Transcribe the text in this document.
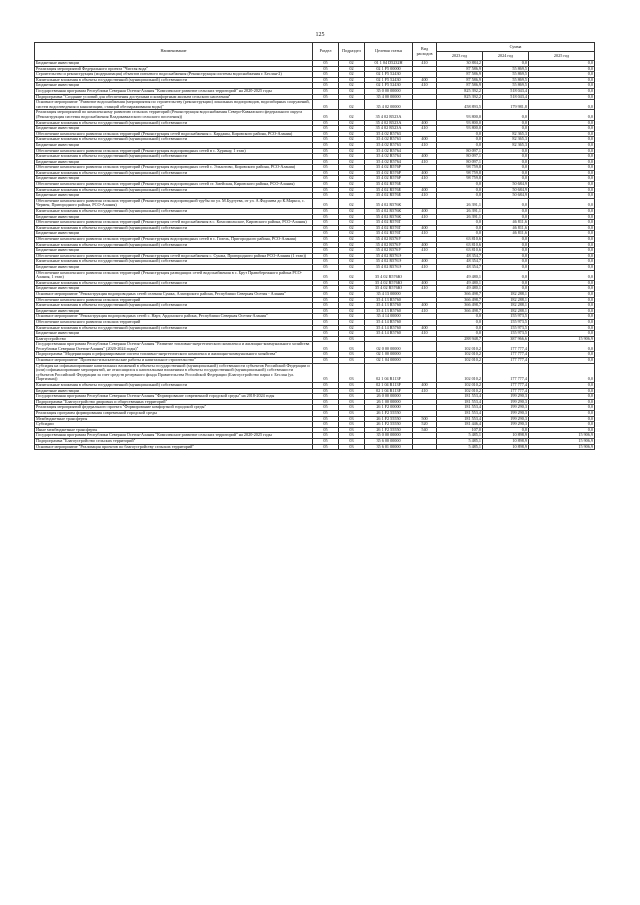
125
Наименование	Раздел	Подраздел	Целевая статья	Вид расходов	Сумма		
					2023 год	2024 год	2025 год
Бюджетные инвестиции	05	02	01 1 04 D5232Н	410	30 884,2	0,0	0,0
Реализация мероприятий Федерального проекта "Чистая вода"	05	02	02 1 F5 00000		87 586,9	55 869,5	0,0
Строительство и реконструкция (модернизация) объектов питьевого водоснабжения (Реконструкция системы водоснабжения г. Беслан-2)	05	02	02 1 F5 52430		87 586,9	55 869,5	0,0
Капитальные вложения в объекты государственной (муниципальной) собственности	05	02	02 1 F5 52430	400	87 586,9	55 869,5	0,0
Бюджетные инвестиции	05	02	02 1 F5 52430	410	87 586,9	55 869,5	0,0
Государственная программа Республики Северная Осетия-Алания "Комплексное развитие сельских территорий" на 2020-2025 годы	05	02	35 0 00 00000		825 392,2	518 043,4	0,0
Подпрограмма "Создание условий для обеспечения доступным и комфортным жильем сельского населения"	05	02	35 4 00 00000		825 392,2	518 043,4	0,0
Основное мероприятие "Развитие водоснабжения (мероприятия по строительству (реконструкции) локальных водопроводов, водозаборных сооружений, систем водоотведения и канализации, станций обеззараживания воды)"	05	02	35 4 02 00000		458 893,5	179 981,8	0,0
Реализация мероприятий по комплексному развитию сельских территорий (Реконструкция водоснабжения Северо-Кавказского федерального округа (Реконструкция системы водоснабжения Владикавказского сельского поселения))	05	02	35 4 02 R523А		93 800,0	0,0	0,0
Капитальные вложения в объекты государственной (муниципальной) собственности	05	02	35 4 02 R523А	400	93 800,0	0,0	0,0
Бюджетные инвестиции	05	02	35 4 02 R523А	410	93 800,0	0,0	0,0
Обеспечение комплексного развития сельских территорий (Реконструкция сетей водоснабжения с. Карджин, Кировского района, РСО-Алания)	05	02	35 4 02 R5763		0,0	82 365,3	0,0
Капитальные вложения в объекты государственной (муниципальной) собственности	05	02	35 4 02 R5763	400	0,0	82 365,3	0,0
Бюджетные инвестиции	05	02	35 4 02 R5763	410	0,0	82 365,3	0,0
Обеспечение комплексного развития сельских территорий (Реконструкция водопроводных сетей в с. Хурикау, 1 этап)	05	02	35 4 02 R5764		80 097,1	0,0	0,0
Капитальные вложения в объекты государственной (муниципальной) собственности	05	02	35 4 02 R5764	400	80 097,1	0,0	0,0
Бюджетные инвестиции	05	02	35 4 02 R5764	410	80 097,1	0,0	0,0
Обеспечение комплексного развития сельских территорий (Реконструкция водопроводных сетей с. Эльхотово, Кировского района, РСО-Алания)	05	02	35 4 02 R576Р		98 759,8	0,0	0,0
Капитальные вложения в объекты государственной (муниципальной) собственности	05	02	35 4 02 R576Р	400	98 759,8	0,0	0,0
Бюджетные инвестиции	05	02	35 4 02 R576Р	410	98 759,8	0,0	0,0
Обеспечение комплексного развития сельских территорий (Реконструкция водопроводных сетей ст. Змейская, Кировского района, РСО-Алания)	05	02	35 4 02 R576Е		0,0	50 684,9	0,0
Капитальные вложения в объекты государственной (муниципальной) собственности	05	02	35 4 02 R576Е	400	0,0	50 684,9	0,0
Бюджетные инвестиции	05	02	35 4 02 R576Е	410	0,0	50 684,9	0,0
Обеспечение комплексного развития сельских территорий (Реконструкция водопроводной трубы по ул. М.Будтуева, от ул. А.Фадзаева до К.Маркса, с. Чермен, Пригородного района, РСО-Алания)	05	02	35 4 02 R576К		26 391,1	0,0	0,0
Капитальные вложения в объекты государственной (муниципальной) собственности	05	02	35 4 02 R576К	400	26 391,1	0,0	0,0
Бюджетные инвестиции	05	02	35 4 02 R576К	410	26 391,1	0,0	0,0
Обеспечение комплексного развития сельских территорий (Реконструкция сетей водоснабжения в с. Комсомольское, Кировского района, РСО-Алания)	05	02	35 4 02 R576Т		0,0	46 811,6	0,0
Капитальные вложения в объекты государственной (муниципальной) собственности	05	02	35 4 02 R576Т	400	0,0	46 811,6	0,0
Бюджетные инвестиции	05	02	35 4 02 R576Т	410	0,0	46 811,6	0,0
Обеспечение комплексного развития сельских территорий (Реконструкция водопроводных сетей в с. Гизель, Пригородного района, РСО-Алания)	05	02	35 4 02 R576У		63 810,6	0,0	0,0
Капитальные вложения в объекты государственной (муниципальной) собственности	05	02	35 4 02 R576У	400	63 810,6	0,0	0,0
Бюджетные инвестиции	05	02	35 4 02 R576У	410	63 810,6	0,0	0,0
Обеспечение комплексного развития сельских территорий (Реконструкция сетей водоснабжения с. Сунжа, Пригородного района РСО-Алания (1 этап))	05	02	35 4 02 R576Э		48 354,7	0,0	0,0
Капитальные вложения в объекты государственной (муниципальной) собственности	05	02	35 4 02 R576Э	400	48 354,7	0,0	0,0
Бюджетные инвестиции	05	02	35 4 02 R576Э	410	48 354,7	0,0	0,0
Обеспечение комплексного развития сельских территорий (Реконструкция разводящих сетей водоснабжения в с. Брут Правобережного района РСО-Алания, 1 этап)	05	02	35 4 02 R576Ю		49 480,1	0,0	0,0
Капитальные вложения в объекты государственной (муниципальной) собственности	05	02	35 4 02 R576Ю	400	49 480,1	0,0	0,0
Бюджетные инвестиции	05	02	35 4 02 R576Ю	410	49 480,1	0,0	0,0
Основное мероприятие "Реконструкция водопроводных сетей селения Сунжа, Алагирского района, Республики Северная Осетия - Алания"	05	02	35 4 13 00000		366 498,7	182 288,1	0,0
Обеспечение комплексного развития сельских территорий	05	02	35 4 13 R5760		366 498,7	182 288,1	0,0
Капитальные вложения в объекты государственной (муниципальной) собственности	05	02	35 4 13 R5760	400	366 498,7	182 288,1	0,0
Бюджетные инвестиции	05	02	35 4 13 R5760	410	366 498,7	182 288,1	0,0
Основное мероприятие "Реконструкция водопроводных сетей с. Нарт, Ардонского района, Республики Северная Осетия-Алания"	05	02	35 4 14 00000		0,0	155 973,5	0,0
Обеспечение комплексного развития сельских территорий	05	02	35 4 14 R5760		0,0	155 973,5	0,0
Капитальные вложения в объекты государственной (муниципальной) собственности	05	02	35 4 14 R5760	400	0,0	155 973,5	0,0
Бюджетные инвестиции	05	02	35 4 14 R5760	410	0,0	155 973,5	0,0
Благоустройство	05	03			288 948,7	387 966,6	15 906,9
Государственная программа Республики Северная Осетия-Алания "Развитие топливно-энергетического комплекса и жилищно-коммунального хозяйства Республики Северная Осетия-Алания" (2020-2024 годы)"	05	03	02 0 00 00000		102 010,2	177 777,4	0,0
Подпрограмма "Модернизация и реформирование систем топливно-энергетического комплекса и жилищно-коммунального хозяйства"	05	03	02 1 00 00000		102 010,2	177 777,4	0,0
Основное мероприятие "Проектно-изыскательские работы и капитальное строительство"	05	03	02 1 04 00000		102 010,2	177 777,4	0,0
Субсидия на софинансирование капитальных вложений в объекты государственной (муниципальной) собственности субъектов Российской Федерации и (или) софинансирование мероприятий, не относящихся к капитальным вложениям в объекты государственной (муниципальной) собственности субъектов Российской Федерации за счет средств резервного фонда Правительства Российской Федерации (Благоустройство парка г. Беслан (ул. Партизана))	05	03	02 1 04 R113F		102 010,2	177 777,4	0,0
Капитальные вложения в объекты государственной (муниципальной) собственности	05	03	02 1 04 R113F	400	102 010,2	177 777,4	0,0
Бюджетные инвестиции	05	03	02 1 04 R113F	410	102 010,2	177 777,4	0,0
Государственная программа Республики Северная Осетия-Алания "Формирование современной городской среды" на 2018-2024 годы	05	03	26 0 00 00000		181 553,4	199 290,3	0,0
Подпрограмма "Благоустройство дворовых и общественных территорий"	05	03	26 1 00 00000		181 553,4	199 290,3	0,0
Реализация мероприятий федерального проекта "Формирование комфортной городской среды"	05	03	26 1 F2 00000		181 553,4	199 290,3	0,0
Реализация программ формирования современной городской среды	05	03	26 1 F2 55550		181 553,4	199 290,3	0,0
Межбюджетные трансферты	05	03	26 1 F2 55550	500	181 553,4	199 290,3	0,0
Субсидии	05	03	26 1 F2 55550	520	181 446,4	199 290,3	0,0
Иные межбюджетные трансферты	05	03	26 1 F2 55550	540	107,0	0,0	0,0
Государственная программа Республики Северная Осетия-Алания "Комплексное развитие сельских территорий" на 2020-2025 годы	05	03	35 0 00 00000		5 485,1	10 898,9	15 906,9
Подпрограмма "Благоустройство сельских территорий"	05	03	35 6 00 00000		5 485,1	10 898,9	15 906,9
Основное мероприятие "Реализация проектов по благоустройству сельских территорий"	05	03	35 6 01 00000		5 485,1	10 898,9	15 906,9
